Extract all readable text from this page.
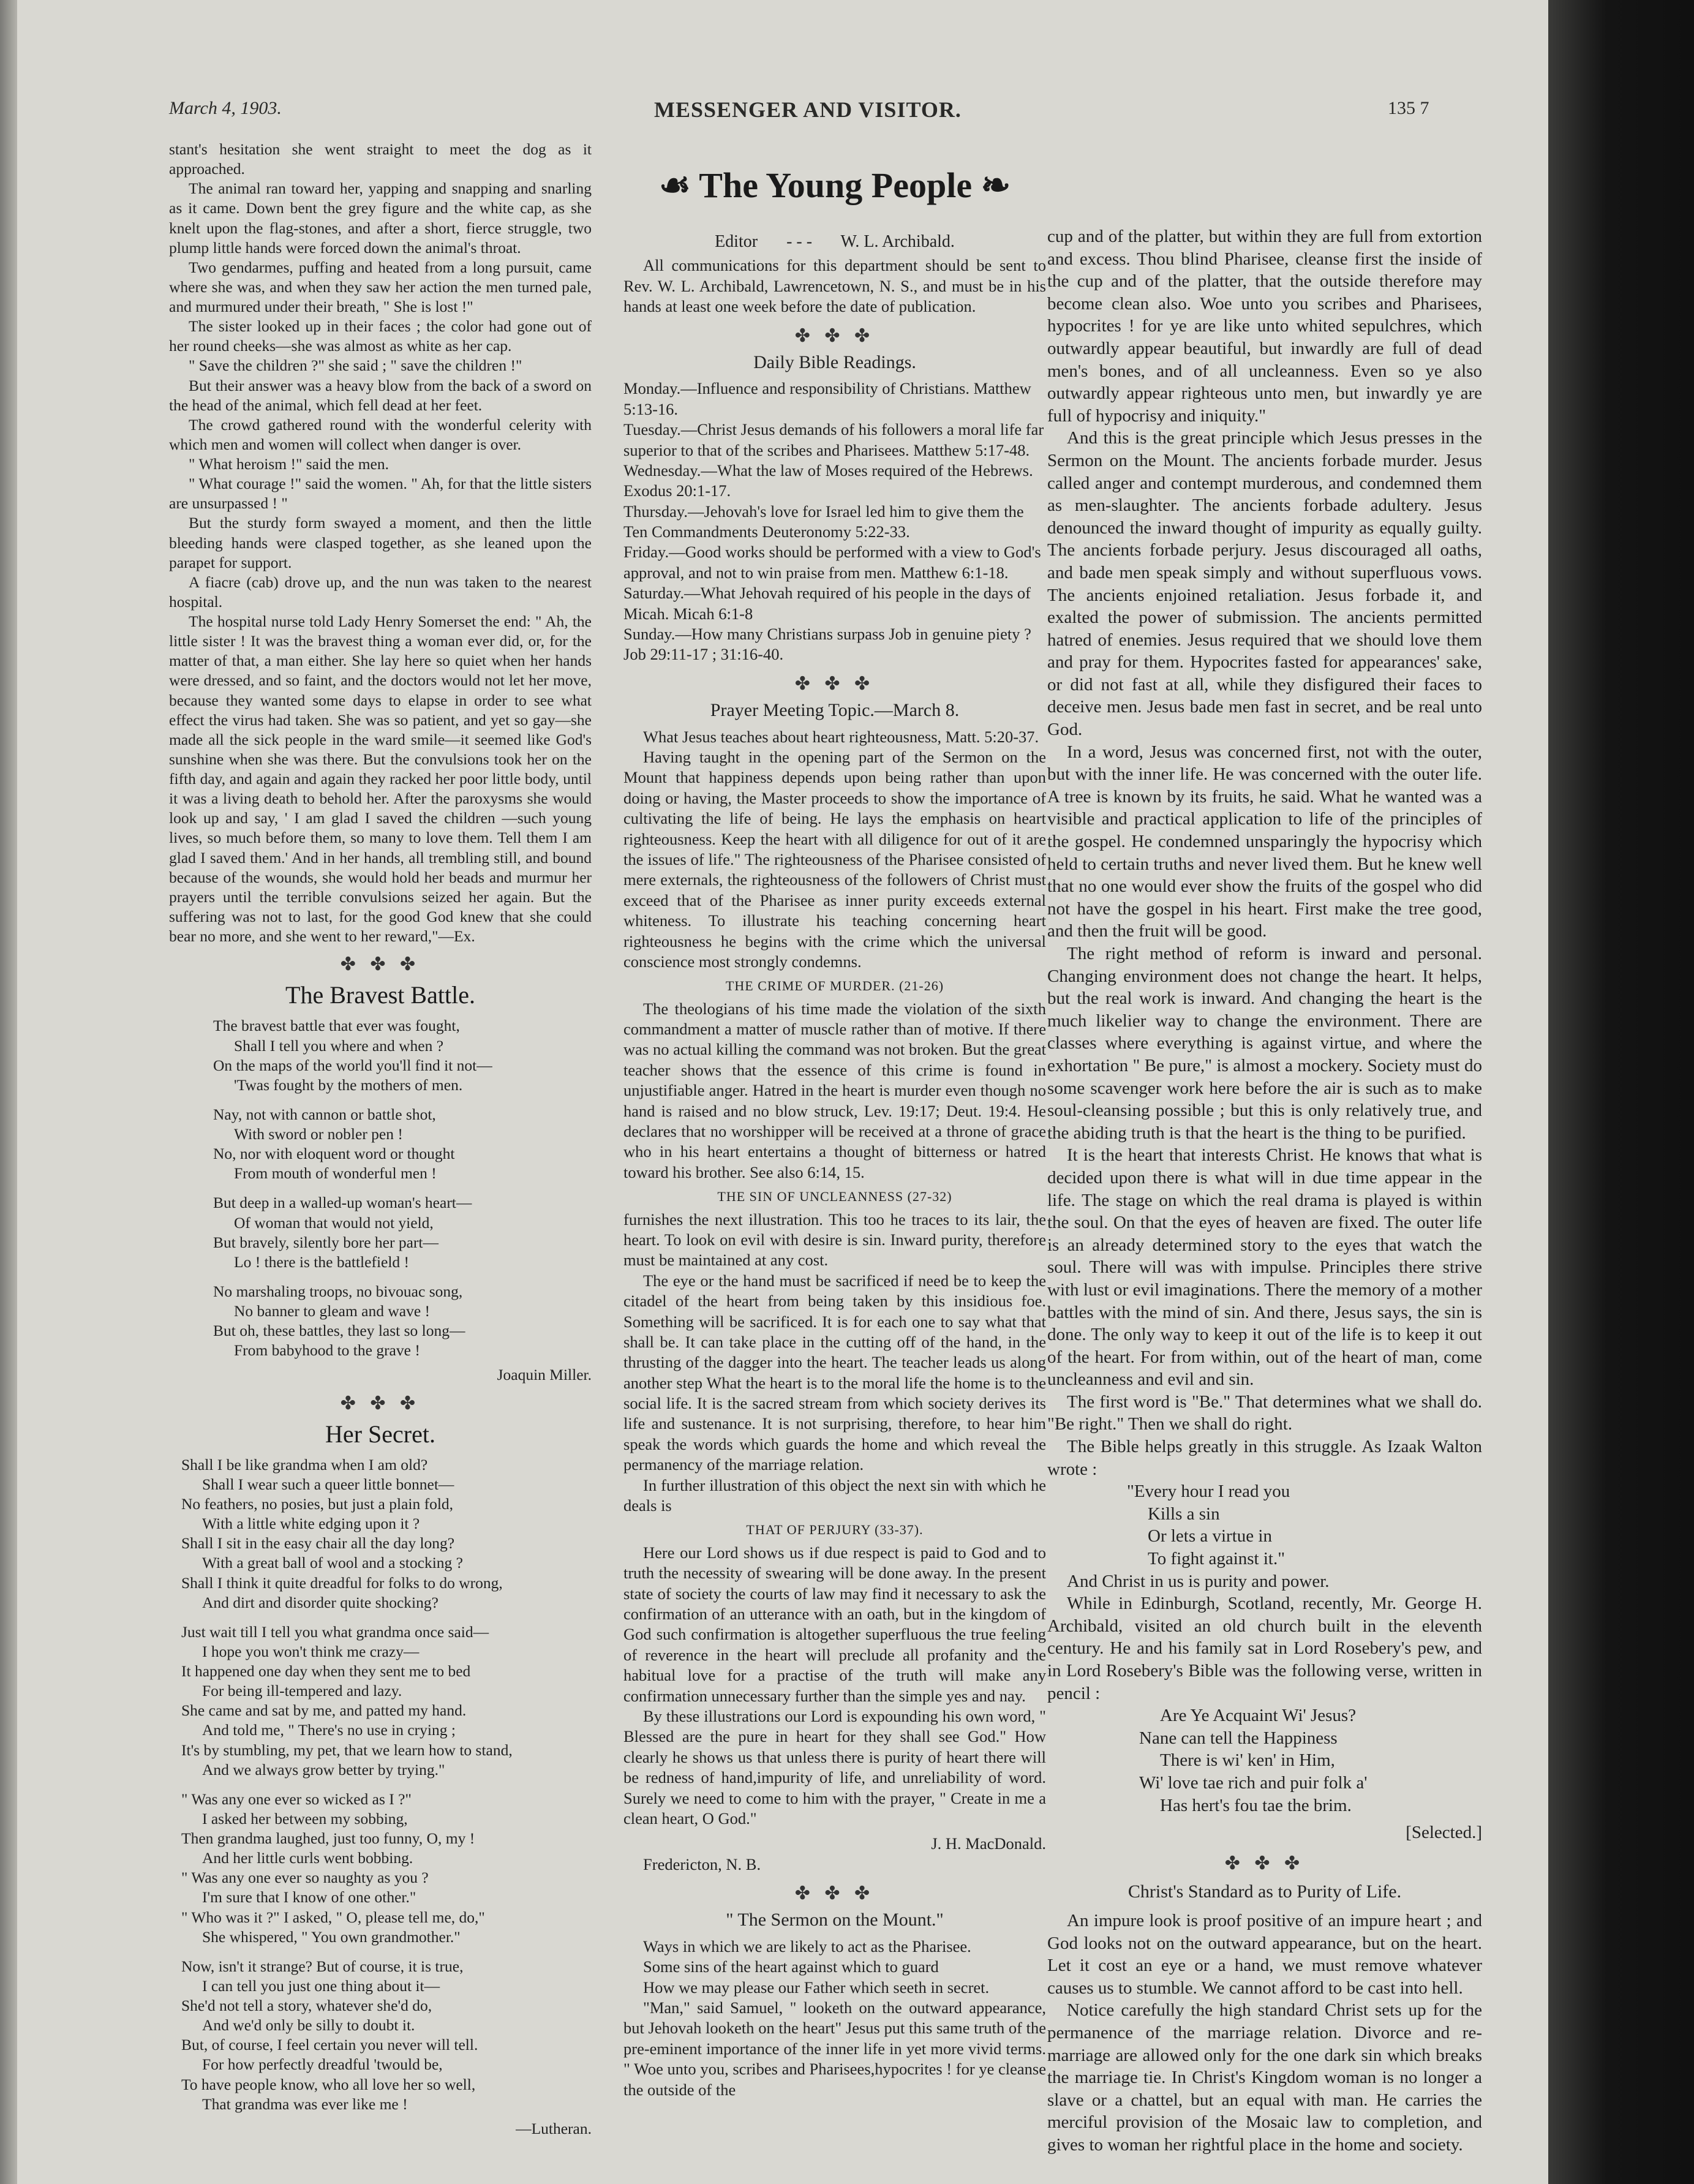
March 4, 1903.	MESSENGER AND VISITOR.	135 7

stant's hesitation she went straight to meet the dog as it approached.

The animal ran toward her, yapping and snapping and snarling as it came. Down bent the grey figure and the white cap, as she knelt upon the flag-stones, and after a short, fierce struggle, two plump little hands were forced down the animal's throat.

Two gendarmes, puffing and heated from a long pursuit, came where she was, and when they saw her action the men turned pale, and murmured under their breath, " She is lost !"

The sister looked up in their faces ; the color had gone out of her round cheeks—she was almost as white as her cap.

" Save the children ?" she said ; " save the children !"

But their answer was a heavy blow from the back of a sword on the head of the animal, which fell dead at her feet.

The crowd gathered round with the wonderful celerity with which men and women will collect when danger is over.

" What heroism !" said the men.

" What courage !" said the women. " Ah, for that the little sisters are unsurpassed ! "

But the sturdy form swayed a moment, and then the little bleeding hands were clasped together, as she leaned upon the parapet for support.

A fiacre (cab) drove up, and the nun was taken to the nearest hospital.

The hospital nurse told Lady Henry Somerset the end: " Ah, the little sister ! It was the bravest thing a woman ever did, or, for the matter of that, a man either. She lay here so quiet when her hands were dressed, and so faint, and the doctors would not let her move, because they wanted some days to elapse in order to see what effect the virus had taken. She was so patient, and yet so gay—she made all the sick people in the ward smile—it seemed like God's sunshine when she was there. But the convulsions took her on the fifth day, and again and again they racked her poor little body, until it was a living death to behold her. After the paroxysms she would look up and say, ' I am glad I saved the children —such young lives, so much before them, so many to love them. Tell them I am glad I saved them.' And in her hands, all trembling still, and bound because of the wounds, she would hold her beads and murmur her prayers until the terrible convulsions seized her again. But the suffering was not to last, for the good God knew that she could bear no more, and she went to her reward,"—Ex.

✤ ✤ ✤
The Bravest Battle.
The bravest battle that ever was fought,
Shall I tell you where and when ?
On the maps of the world you'll find it not—
'Twas fought by the mothers of men.
Nay, not with cannon or battle shot,
With sword or nobler pen !
No, nor with eloquent word or thought
From mouth of wonderful men !
But deep in a walled-up woman's heart—
Of woman that would not yield,
But bravely, silently bore her part—
Lo ! there is the battlefield !
No marshaling troops, no bivouac song,
No banner to gleam and wave !
But oh, these battles, they last so long—
From babyhood to the grave !
Joaquin Miller.
✤ ✤ ✤
Her Secret.
Shall I be like grandma when I am old?
Shall I wear such a queer little bonnet—
No feathers, no posies, but just a plain fold,
With a little white edging upon it ?
Shall I sit in the easy chair all the day long?
With a great ball of wool and a stocking ?
Shall I think it quite dreadful for folks to do wrong,
And dirt and disorder quite shocking?
Just wait till I tell you what grandma once said—
I hope you won't think me crazy—
It happened one day when they sent me to bed
For being ill-tempered and lazy.
She came and sat by me, and patted my hand.
And told me, " There's no use in crying ;
It's by stumbling, my pet, that we learn how to stand,
And we always grow better by trying."
" Was any one ever so wicked as I ?"
I asked her between my sobbing,
Then grandma laughed, just too funny, O, my !
And her little curls went bobbing.
" Was any one ever so naughty as you ?
I'm sure that I know of one other."
" Who was it ?" I asked, " O, please tell me, do,"
She whispered, " You own grandmother."
Now, isn't it strange? But of course, it is true,
I can tell you just one thing about it—
She'd not tell a story, whatever she'd do,
And we'd only be silly to doubt it.
But, of course, I feel certain you never will tell.
For how perfectly dreadful 'twould be,
To have people know, who all love her so well,
That grandma was ever like me !
—Lutheran.
☙ The Young People ❧
Editor - - - W. L. Archibald.

All communications for this department should be sent to Rev. W. L. Archibald, Lawrencetown, N. S., and must be in his hands at least one week before the date of publication.

✤ ✤ ✤
Daily Bible Readings.

Monday.—Influence and responsibility of Christians. Matthew 5:13-16.

Tuesday.—Christ Jesus demands of his followers a moral life far superior to that of the scribes and Pharisees. Matthew 5:17-48.

Wednesday.—What the law of Moses required of the Hebrews. Exodus 20:1-17.

Thursday.—Jehovah's love for Israel led him to give them the Ten Commandments Deuteronomy 5:22-33.

Friday.—Good works should be performed with a view to God's approval, and not to win praise from men. Matthew 6:1-18.

Saturday.—What Jehovah required of his people in the days of Micah. Micah 6:1-8

Sunday.—How many Christians surpass Job in genuine piety ? Job 29:11-17 ; 31:16-40.

✤ ✤ ✤
Prayer Meeting Topic.—March 8.

What Jesus teaches about heart righteousness, Matt. 5:20-37.

Having taught in the opening part of the Sermon on the Mount that happiness depends upon being rather than upon doing or having, the Master proceeds to show the importance of cultivating the life of being. He lays the emphasis on heart righteousness. Keep the heart with all diligence for out of it are the issues of life." The righteousness of the Pharisee consisted of mere externals, the righteousness of the followers of Christ must exceed that of the Pharisee as inner purity exceeds external whiteness. To illustrate his teaching concerning heart righteousness he begins with the crime which the universal conscience most strongly condemns.

THE CRIME OF MURDER. (21-26)

The theologians of his time made the violation of the sixth commandment a matter of muscle rather than of motive. If there was no actual killing the command was not broken. But the great teacher shows that the essence of this crime is found in unjustifiable anger. Hatred in the heart is murder even though no hand is raised and no blow struck, Lev. 19:17; Deut. 19:4. He declares that no worshipper will be received at a throne of grace who in his heart entertains a thought of bitterness or hatred toward his brother. See also 6:14, 15.

THE SIN OF UNCLEANNESS (27-32)

furnishes the next illustration. This too he traces to its lair, the heart. To look on evil with desire is sin. Inward purity, therefore must be maintained at any cost.

The eye or the hand must be sacrificed if need be to keep the citadel of the heart from being taken by this insidious foe. Something will be sacrificed. It is for each one to say what that shall be. It can take place in the cutting off of the hand, in the thrusting of the dagger into the heart. The teacher leads us along another step What the heart is to the moral life the home is to the social life. It is the sacred stream from which society derives its life and sustenance. It is not surprising, therefore, to hear him speak the words which guards the home and which reveal the permanency of the marriage relation.

In further illustration of this object the next sin with which he deals is

THAT OF PERJURY (33-37).

Here our Lord shows us if due respect is paid to God and to truth the necessity of swearing will be done away. In the present state of society the courts of law may find it necessary to ask the confirmation of an utterance with an oath, but in the kingdom of God such confirmation is altogether superfluous the true feeling of reverence in the heart will preclude all profanity and the habitual love for a practise of the truth will make any confirmation unnecessary further than the simple yes and nay.

By these illustrations our Lord is expounding his own word, " Blessed are the pure in heart for they shall see God." How clearly he shows us that unless there is purity of heart there will be redness of hand,impurity of life, and unreliability of word. Surely we need to come to him with the prayer, " Create in me a clean heart, O God."

J. H. MacDonald.

Fredericton, N. B.

✤ ✤ ✤
" The Sermon on the Mount."

Ways in which we are likely to act as the Pharisee.

Some sins of the heart against which to guard

How we may please our Father which seeth in secret.

"Man," said Samuel, " looketh on the outward appearance, but Jehovah looketh on the heart" Jesus put this same truth of the pre-eminent importance of the inner life in yet more vivid terms. " Woe unto you, scribes and Pharisees,hypocrites ! for ye cleanse the outside of the

cup and of the platter, but within they are full from extortion and excess. Thou blind Pharisee, cleanse first the inside of the cup and of the platter, that the outside therefore may become clean also. Woe unto you scribes and Pharisees, hypocrites ! for ye are like unto whited sepulchres, which outwardly appear beautiful, but inwardly are full of dead men's bones, and of all uncleanness. Even so ye also outwardly appear righteous unto men, but inwardly ye are full of hypocrisy and iniquity."

And this is the great principle which Jesus presses in the Sermon on the Mount. The ancients forbade murder. Jesus called anger and contempt murderous, and condemned them as men-slaughter. The ancients forbade adultery. Jesus denounced the inward thought of impurity as equally guilty. The ancients forbade perjury. Jesus discouraged all oaths, and bade men speak simply and without superfluous vows. The ancients enjoined retaliation. Jesus forbade it, and exalted the power of submission. The ancients permitted hatred of enemies. Jesus required that we should love them and pray for them. Hypocrites fasted for appearances' sake, or did not fast at all, while they disfigured their faces to deceive men. Jesus bade men fast in secret, and be real unto God.

In a word, Jesus was concerned first, not with the outer, but with the inner life. He was concerned with the outer life. A tree is known by its fruits, he said. What he wanted was a visible and practical application to life of the principles of the gospel. He condemned unsparingly the hypocrisy which held to certain truths and never lived them. But he knew well that no one would ever show the fruits of the gospel who did not have the gospel in his heart. First make the tree good, and then the fruit will be good.

The right method of reform is inward and personal. Changing environment does not change the heart. It helps, but the real work is inward. And changing the heart is the much likelier way to change the environment. There are classes where everything is against virtue, and where the exhortation " Be pure," is almost a mockery. Society must do some scavenger work here before the air is such as to make soul-cleansing possible ; but this is only relatively true, and the abiding truth is that the heart is the thing to be purified.

It is the heart that interests Christ. He knows that what is decided upon there is what will in due time appear in the life. The stage on which the real drama is played is within the soul. On that the eyes of heaven are fixed. The outer life is an already determined story to the eyes that watch the soul. There will was with impulse. Principles there strive with lust or evil imaginations. There the memory of a mother battles with the mind of sin. And there, Jesus says, the sin is done. The only way to keep it out of the life is to keep it out of the heart. For from within, out of the heart of man, come uncleanness and evil and sin.

The first word is "Be." That determines what we shall do. "Be right." Then we shall do right.

The Bible helps greatly in this struggle. As Izaak Walton wrote :

"Every hour I read you
Kills a sin
Or lets a virtue in
To fight against it."

And Christ in us is purity and power.

While in Edinburgh, Scotland, recently, Mr. George H. Archibald, visited an old church built in the eleventh century. He and his family sat in Lord Rosebery's pew, and in Lord Rosebery's Bible was the following verse, written in pencil :

Are Ye Acquaint Wi' Jesus?
Nane can tell the Happiness
There is wi' ken' in Him,
Wi' love tae rich and puir folk a'
Has hert's fou tae the brim.
[Selected.]
✤ ✤ ✤
Christ's Standard as to Purity of Life.

An impure look is proof positive of an impure heart ; and God looks not on the outward appearance, but on the heart. Let it cost an eye or a hand, we must remove whatever causes us to stumble. We cannot afford to be cast into hell.

Notice carefully the high standard Christ sets up for the permanence of the marriage relation. Divorce and re-marriage are allowed only for the one dark sin which breaks the marriage tie. In Christ's Kingdom woman is no longer a slave or a chattel, but an equal with man. He carries the merciful provision of the Mosaic law to completion, and gives to woman her rightful place in the home and society.
